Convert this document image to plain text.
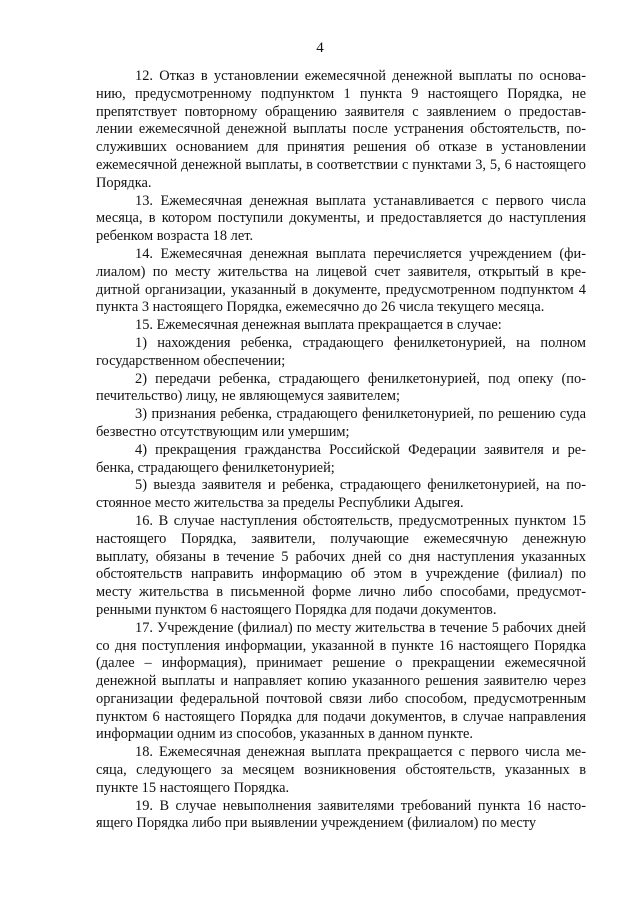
4

12. Отказ в установлении ежемесячной денежной выплаты по основанию, предусмотренному подпунктом 1 пункта 9 настоящего Порядка, не препятствует повторному обращению заявителя с заявлением о предоставлении ежемесячной денежной выплаты после устранения обстоятельств, послуживших основанием для принятия решения об отказе в установлении ежемесячной денежной выплаты, в соответствии с пунктами 3, 5, 6 настоящего Порядка.

13. Ежемесячная денежная выплата устанавливается с первого числа месяца, в котором поступили документы, и предоставляется до наступления ребенком возраста 18 лет.

14. Ежемесячная денежная выплата перечисляется учреждением (филиалом) по месту жительства на лицевой счет заявителя, открытый в кредитной организации, указанный в документе, предусмотренном подпунктом 4 пункта 3 настоящего Порядка, ежемесячно до 26 числа текущего месяца.

15. Ежемесячная денежная выплата прекращается в случае:

1) нахождения ребенка, страдающего фенилкетонурией, на полном государственном обеспечении;

2) передачи ребенка, страдающего фенилкетонурией, под опеку (попечительство) лицу, не являющемуся заявителем;

3) признания ребенка, страдающего фенилкетонурией, по решению суда безвестно отсутствующим или умершим;

4) прекращения гражданства Российской Федерации заявителя и ребенка, страдающего фенилкетонурией;

5) выезда заявителя и ребенка, страдающего фенилкетонурией, на постоянное место жительства за пределы Республики Адыгея.

16. В случае наступления обстоятельств, предусмотренных пунктом 15 настоящего Порядка, заявители, получающие ежемесячную денежную выплату, обязаны в течение 5 рабочих дней со дня наступления указанных обстоятельств направить информацию об этом в учреждение (филиал) по месту жительства в письменной форме лично либо способами, предусмотренными пунктом 6 настоящего Порядка для подачи документов.

17. Учреждение (филиал) по месту жительства в течение 5 рабочих дней со дня поступления информации, указанной в пункте 16 настоящего Порядка (далее – информация), принимает решение о прекращении ежемесячной денежной выплаты и направляет копию указанного решения заявителю через организации федеральной почтовой связи либо способом, предусмотренным пунктом 6 настоящего Порядка для подачи документов, в случае направления информации одним из способов, указанных в данном пункте.

18. Ежемесячная денежная выплата прекращается с первого числа месяца, следующего за месяцем возникновения обстоятельств, указанных в пункте 15 настоящего Порядка.

19. В случае невыполнения заявителями требований пункта 16 настоящего Порядка либо при выявлении учреждением (филиалом) по месту
